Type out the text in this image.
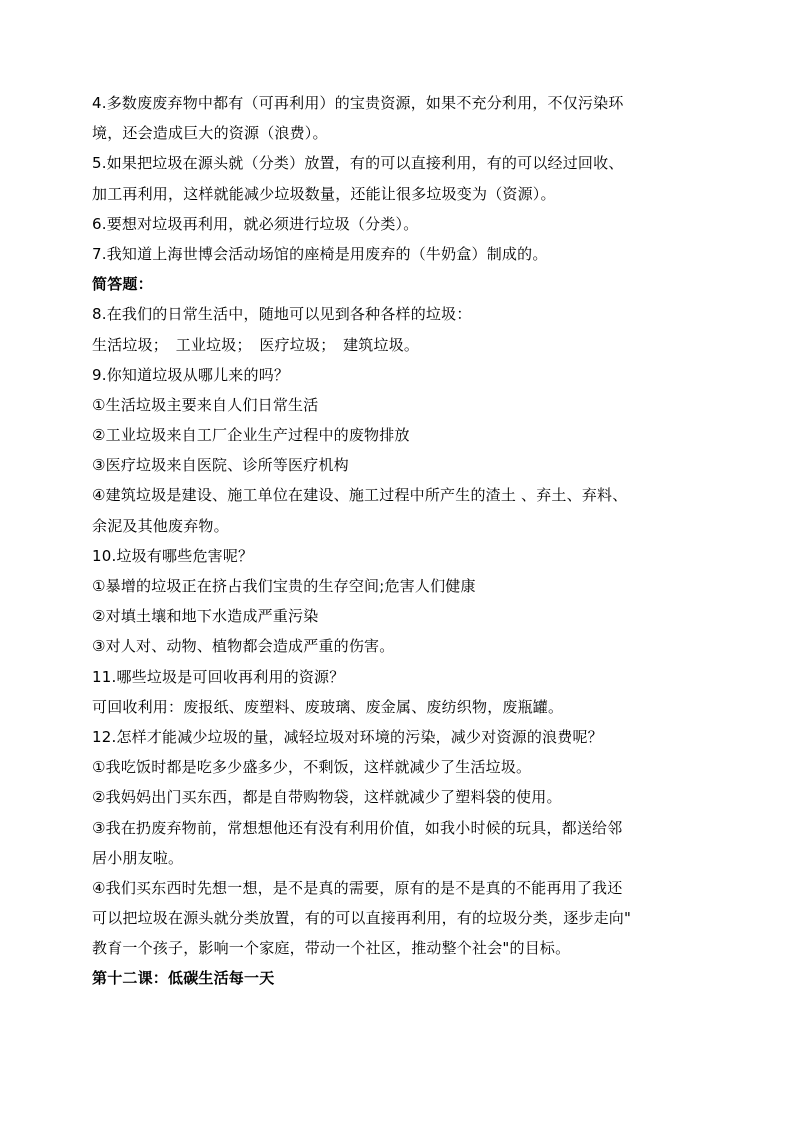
4.多数废废弃物中都有（可再利用）的宝贵资源，如果不充分利用，不仅污染环
境，还会造成巨大的资源（浪费）。
5.如果把垃圾在源头就（分类）放置，有的可以直接利用，有的可以经过回收、
加工再利用，这样就能减少垃圾数量，还能让很多垃圾变为（资源）。
6.要想对垃圾再利用，就必须进行垃圾（分类）。
7.我知道上海世博会活动场馆的座椅是用废弃的（牛奶盒）制成的。
简答题：
8.在我们的日常生活中，随地可以见到各种各样的垃圾：
生活垃圾；　工业垃圾；　医疗垃圾；　建筑垃圾。
9.你知道垃圾从哪儿来的吗？
①生活垃圾主要来自人们日常生活
②工业垃圾来自工厂企业生产过程中的废物排放
③医疗垃圾来自医院、诊所等医疗机构
④建筑垃圾是建设、施工单位在建设、施工过程中所产生的渣土 、弃土、弃料、
余泥及其他废弃物。
10.垃圾有哪些危害呢？
①暴增的垃圾正在挤占我们宝贵的生存空间;危害人们健康
②对填土壤和地下水造成严重污染
③对人对、动物、植物都会造成严重的伤害。
11.哪些垃圾是可回收再利用的资源？
可回收利用：废报纸、废塑料、废玻璃、废金属、废纺织物，废瓶罐。
12.怎样才能减少垃圾的量，减轻垃圾对环境的污染，减少对资源的浪费呢？
①我吃饭时都是吃多少盛多少，不剩饭，这样就减少了生活垃圾。
②我妈妈出门买东西，都是自带购物袋，这样就减少了塑料袋的使用。
③我在扔废弃物前，常想想他还有没有利用价值，如我小时候的玩具，都送给邻
居小朋友啦。
④我们买东西时先想一想，是不是真的需要，原有的是不是真的不能再用了我还
可以把垃圾在源头就分类放置，有的可以直接再利用，有的垃圾分类，逐步走向"
教育一个孩子，影响一个家庭，带动一个社区，推动整个社会"的目标。
第十二课：低碳生活每一天
